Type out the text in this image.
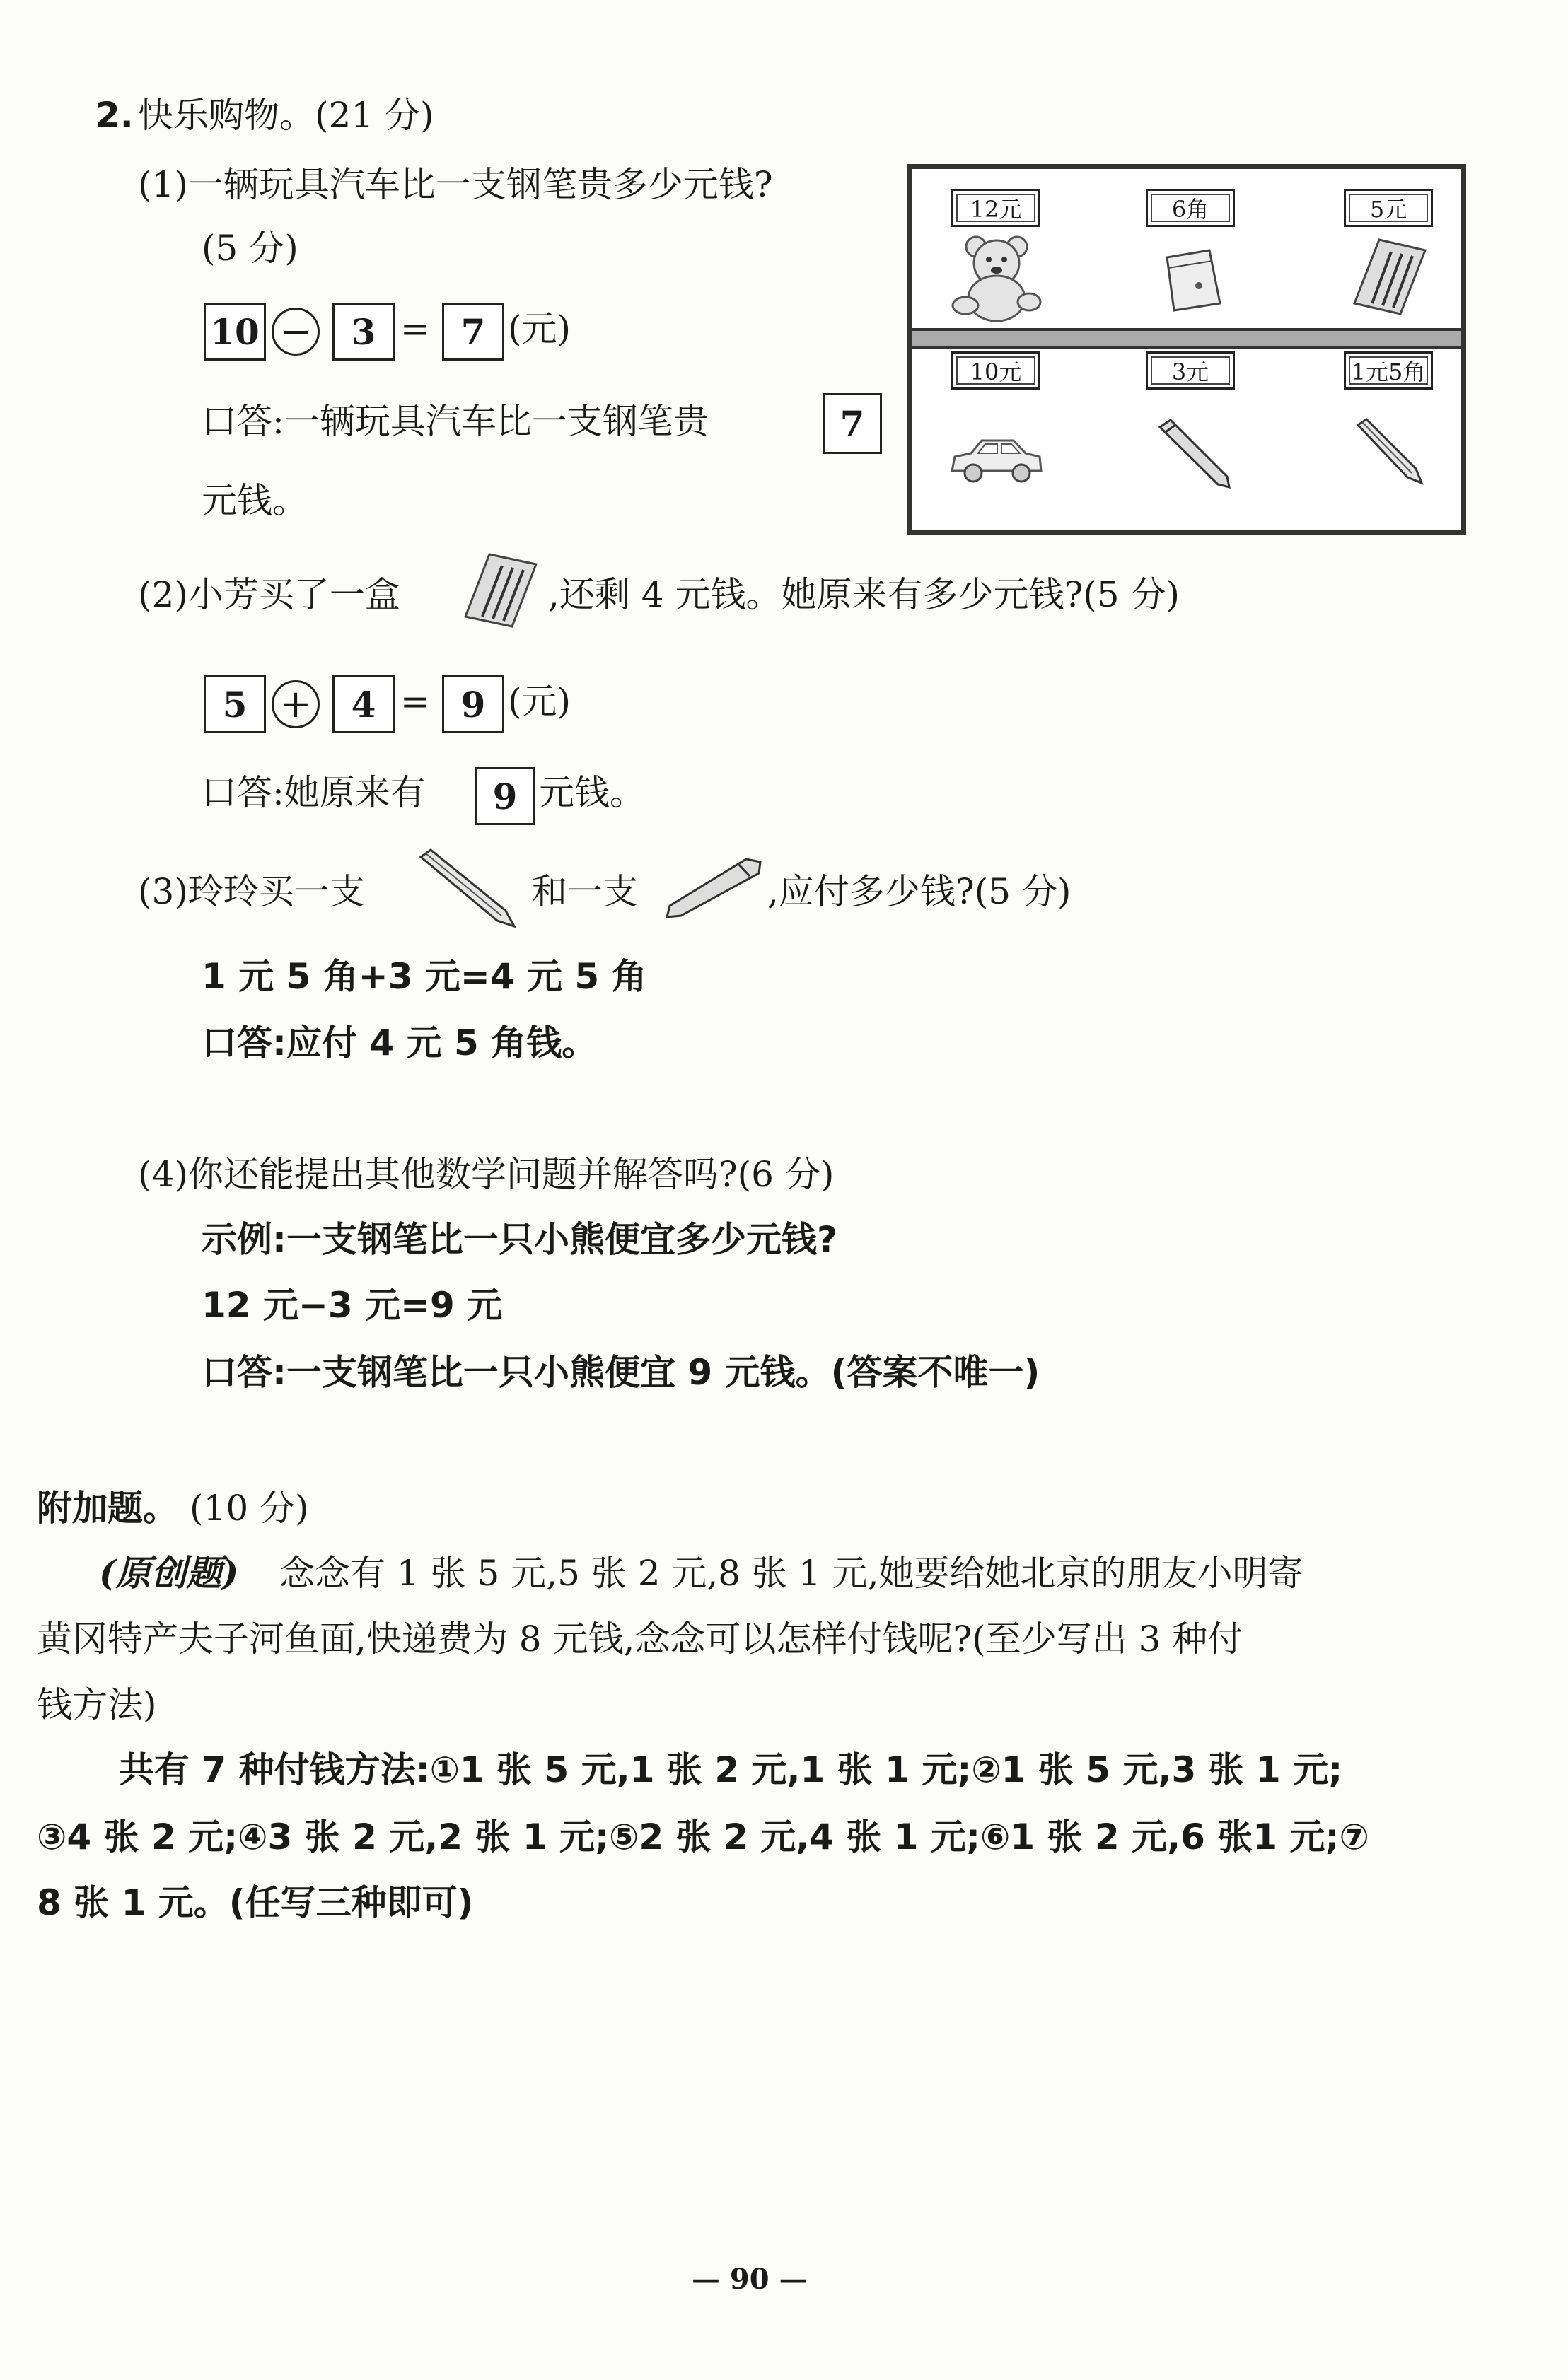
2. 快乐购物。(21 分)
(1)一辆玩具汽车比一支钢笔贵多少元钱?
(5 分)
10 −	3 = 7 (元)
口答:一辆玩具汽车比一支钢笔贵	7
元钱。
12元	6角	5元
10元	3元	1元5角
(2)小芳买了一盒	,还剩 4 元钱。她原来有多少元钱?(5 分)
5 +	4 = 9 (元)
口答:她原来有	9 元钱。
(3)玲玲买一支	和一支	,应付多少钱?(5 分)
1 元 5 角+3 元=4 元 5 角
口答:应付 4 元 5 角钱。
(4)你还能提出其他数学问题并解答吗?(6 分)
示例:一支钢笔比一只小熊便宜多少元钱?
12 元−3 元=9 元
口答:一支钢笔比一只小熊便宜 9 元钱。(答案不唯一)
附加题。 (10 分)
(原创题) 念念有 1 张 5 元,5 张 2 元,8 张 1 元,她要给她北京的朋友小明寄
黄冈特产夫子河鱼面,快递费为 8 元钱,念念可以怎样付钱呢?(至少写出 3 种付
钱方法)
共有 7 种付钱方法:①1 张 5 元,1 张 2 元,1 张 1 元;②1 张 5 元,3 张 1 元;
③4 张 2 元;④3 张 2 元,2 张 1 元;⑤2 张 2 元,4 张 1 元;⑥1 张 2 元,6 张1 元;⑦
8 张 1 元。(任写三种即可)
— 90 —
